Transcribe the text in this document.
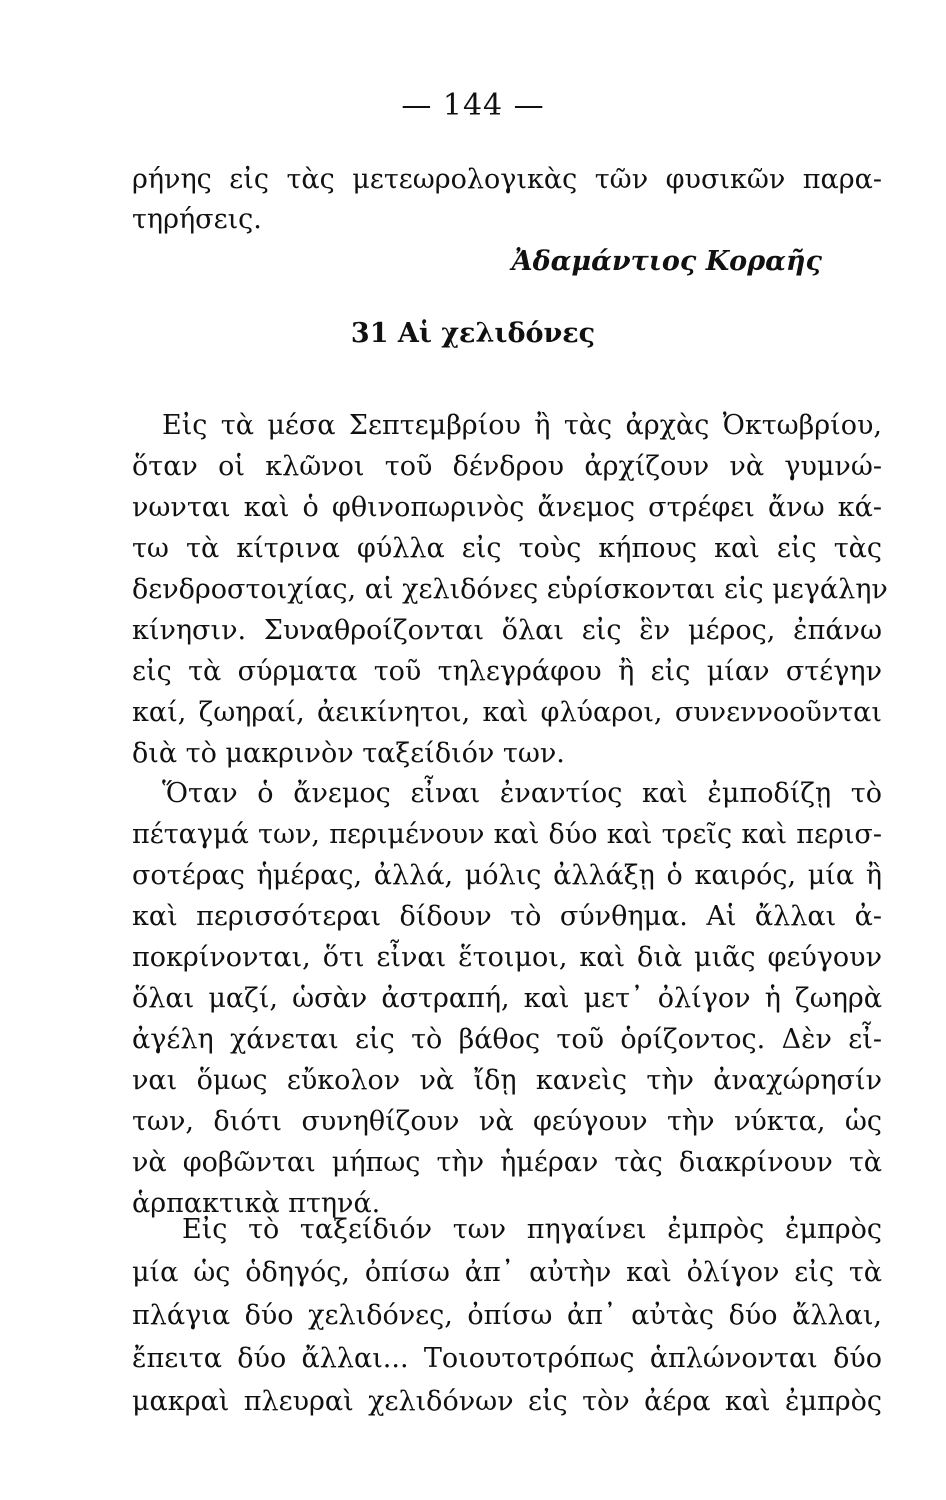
— 144 —
ρήνης εἰς τὰς μετεωρολογικὰς τῶν φυσικῶν παρα-
τηρήσεις.
Ἀδαμάντιος Κοραῆς
31 Αἱ χελιδόνες
Εἰς τὰ μέσα Σεπτεμβρίου ἢ τὰς ἀρχὰς Ὀκτωβρίου,
ὅταν οἱ κλῶνοι τοῦ δένδρου ἀρχίζουν νὰ γυμνώ-
νωνται καὶ ὁ φθινοπωρινὸς ἄνεμος στρέφει ἄνω κά-
τω τὰ κίτρινα φύλλα εἰς τοὺς κήπους καὶ εἰς τὰς
δενδροστοιχίας, αἱ χελιδόνες εὑρίσκονται εἰς μεγάλην
κίνησιν. Συναθροίζονται ὅλαι εἰς ἓν μέρος, ἐπάνω
εἰς τὰ σύρματα τοῦ τηλεγράφου ἢ εἰς μίαν στέγην
καί, ζωηραί, ἀεικίνητοι, καὶ φλύαροι, συνεννοοῦνται
διὰ τὸ μακρινὸν ταξείδιόν των.
Ὅταν ὁ ἄνεμος εἶναι ἐναντίος καὶ ἐμποδίζῃ τὸ
πέταγμά των, περιμένουν καὶ δύο καὶ τρεῖς καὶ περισ-
σοτέρας ἡμέρας, ἀλλά, μόλις ἀλλάξῃ ὁ καιρός, μία ἢ
καὶ περισσότεραι δίδουν τὸ σύνθημα. Αἱ ἄλλαι ἀ-
ποκρίνονται, ὅτι εἶναι ἕτοιμοι, καὶ διὰ μιᾶς φεύγουν
ὅλαι μαζί, ὡσὰν ἀστραπή, καὶ μετ᾽ ὀλίγον ἡ ζωηρὰ
ἀγέλη χάνεται εἰς τὸ βάθος τοῦ ὁρίζοντος. Δὲν εἶ-
ναι ὅμως εὔκολον νὰ ἴδῃ κανεὶς τὴν ἀναχώρησίν
των, διότι συνηθίζουν νὰ φεύγουν τὴν νύκτα, ὡς
νὰ φοβῶνται μήπως τὴν ἡμέραν τὰς διακρίνουν τὰ
ἁρπακτικὰ πτηνά.
Εἰς τὸ ταξείδιόν των πηγαίνει ἐμπρὸς ἐμπρὸς
μία ὡς ὁδηγός, ὀπίσω ἀπ᾽ αὐτὴν καὶ ὀλίγον εἰς τὰ
πλάγια δύο χελιδόνες, ὀπίσω ἀπ᾽ αὐτὰς δύο ἄλλαι,
ἔπειτα δύο ἄλλαι... Τοιουτοτρόπως ἁπλώνονται δύο
μακραὶ πλευραὶ χελιδόνων εἰς τὸν ἀέρα καὶ ἐμπρὸς
